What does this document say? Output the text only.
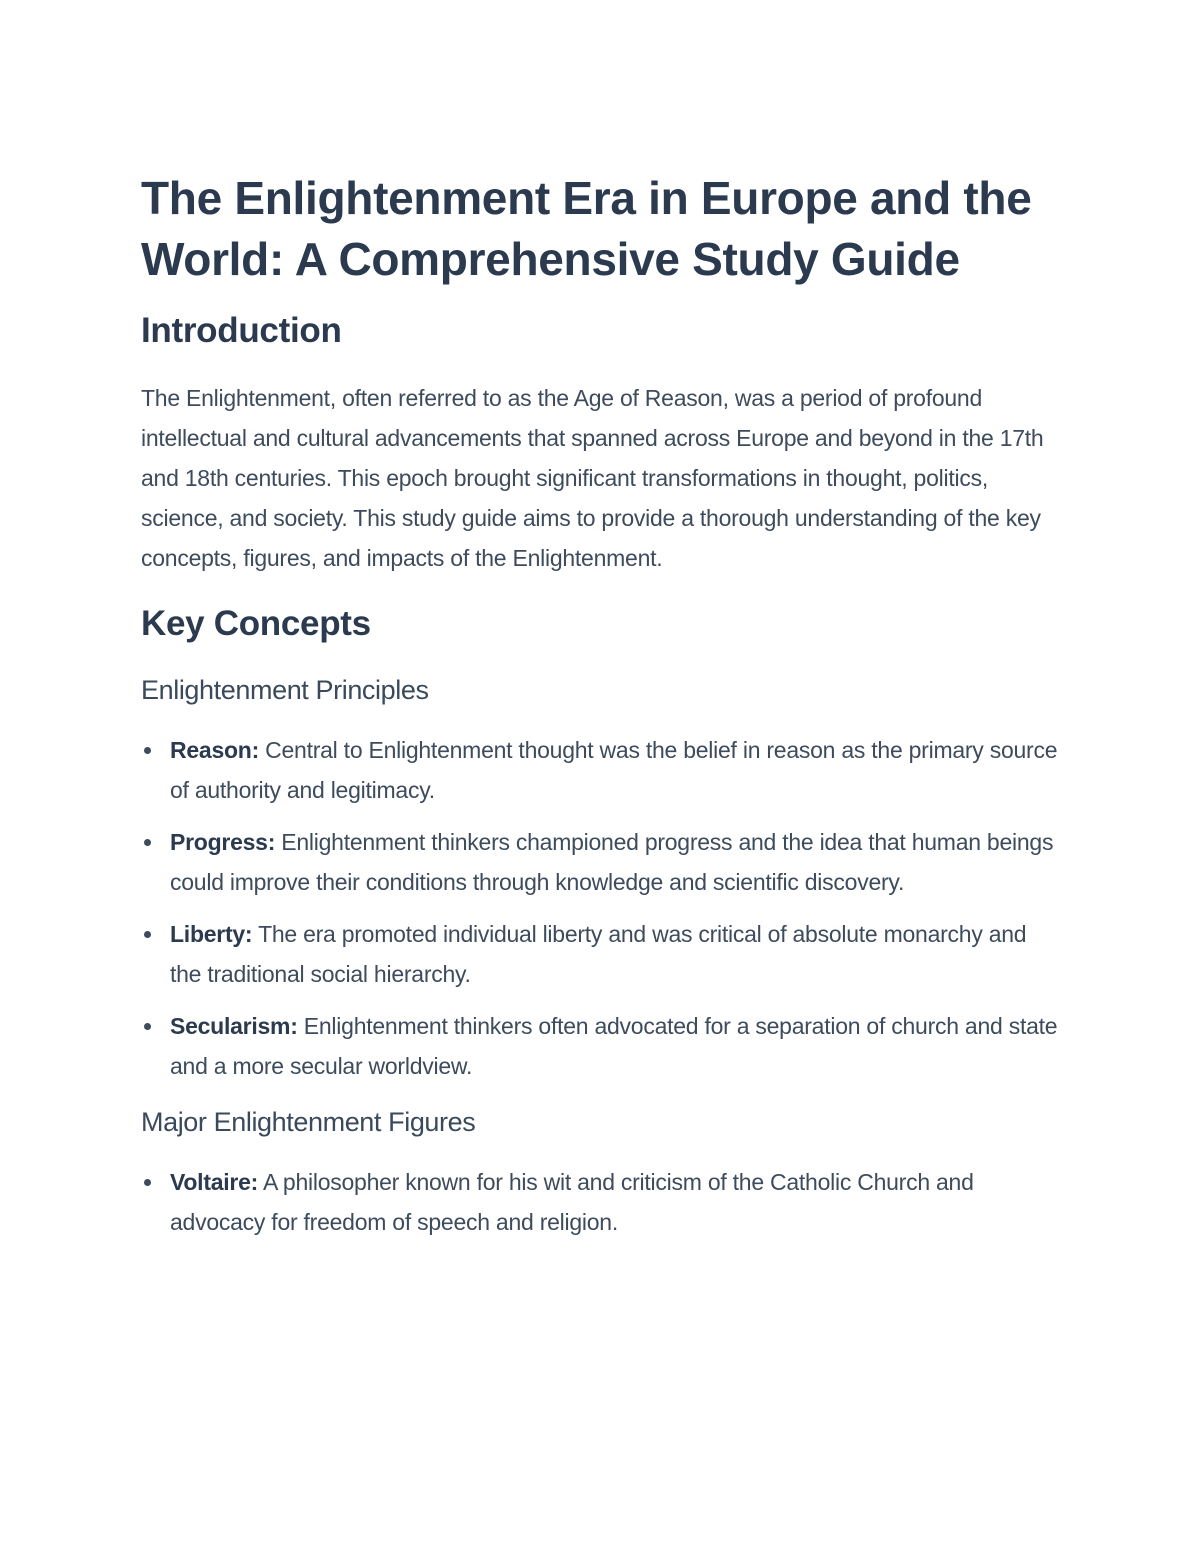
The Enlightenment Era in Europe and the World: A Comprehensive Study Guide
Introduction

The Enlightenment, often referred to as the Age of Reason, was a period of profound intellectual and cultural advancements that spanned across Europe and beyond in the 17th and 18th centuries. This epoch brought significant transformations in thought, politics, science, and society. This study guide aims to provide a thorough understanding of the key concepts, figures, and impacts of the Enlightenment.

Key Concepts
Enlightenment Principles
Reason: Central to Enlightenment thought was the belief in reason as the primary source of authority and legitimacy.
Progress: Enlightenment thinkers championed progress and the idea that human beings could improve their conditions through knowledge and scientific discovery.
Liberty: The era promoted individual liberty and was critical of absolute monarchy and the traditional social hierarchy.
Secularism: Enlightenment thinkers often advocated for a separation of church and state and a more secular worldview.
Major Enlightenment Figures
Voltaire: A philosopher known for his wit and criticism of the Catholic Church and advocacy for freedom of speech and religion.
